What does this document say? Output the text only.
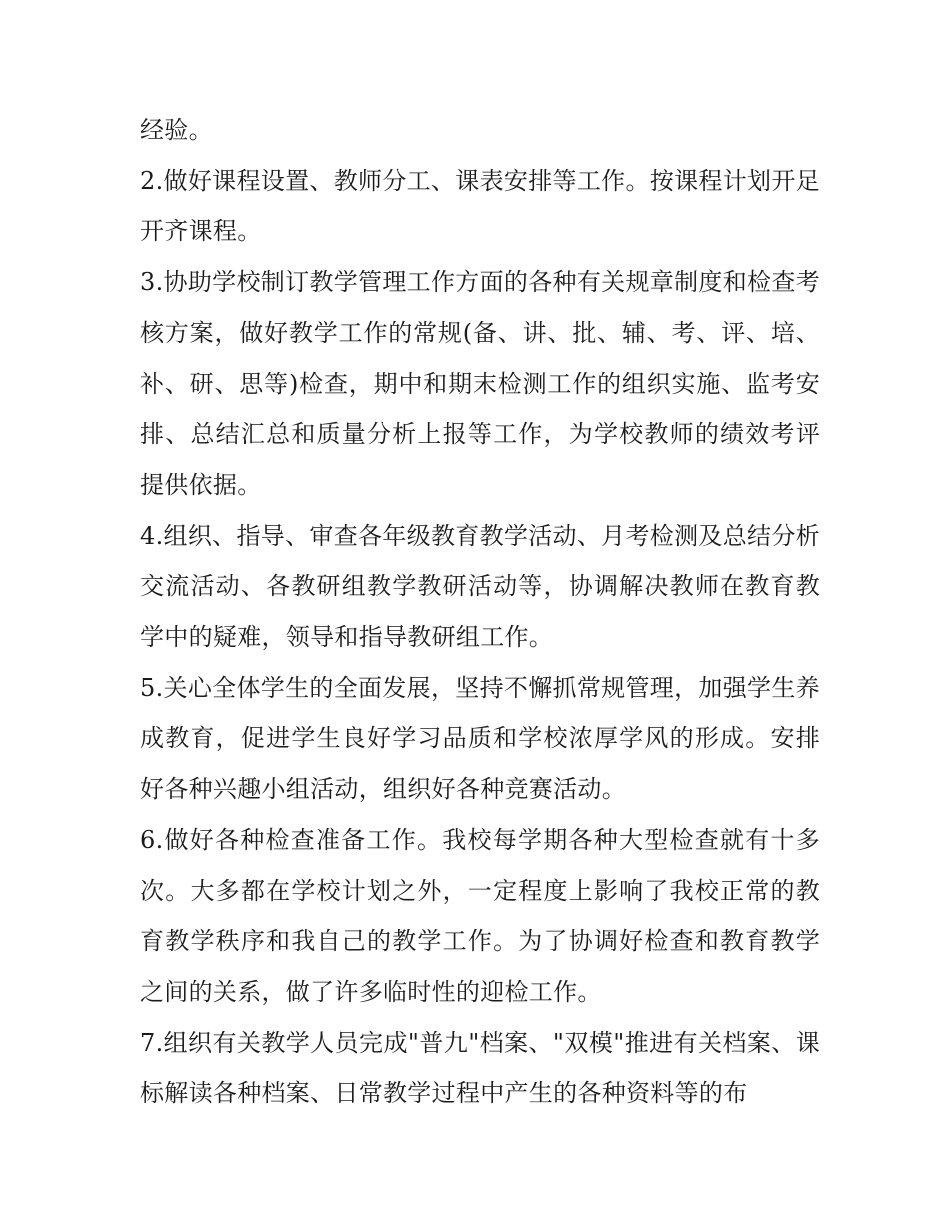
经验。

2.做好课程设置、教师分工、课表安排等工作。按课程计划开足开齐课程。

3.协助学校制订教学管理工作方面的各种有关规章制度和检查考核方案，做好教学工作的常规(备、讲、批、辅、考、评、培、补、研、思等)检查，期中和期末检测工作的组织实施、监考安排、总结汇总和质量分析上报等工作，为学校教师的绩效考评提供依据。

4.组织、指导、审查各年级教育教学活动、月考检测及总结分析交流活动、各教研组教学教研活动等，协调解决教师在教育教学中的疑难，领导和指导教研组工作。

5.关心全体学生的全面发展，坚持不懈抓常规管理，加强学生养成教育，促进学生良好学习品质和学校浓厚学风的形成。安排好各种兴趣小组活动，组织好各种竞赛活动。

6.做好各种检查准备工作。我校每学期各种大型检查就有十多次。大多都在学校计划之外，一定程度上影响了我校正常的教育教学秩序和我自己的教学工作。为了协调好检查和教育教学之间的关系，做了许多临时性的迎检工作。

7.组织有关教学人员完成"普九"档案、"双模"推进有关档案、课标解读各种档案、日常教学过程中产生的各种资料等的布
